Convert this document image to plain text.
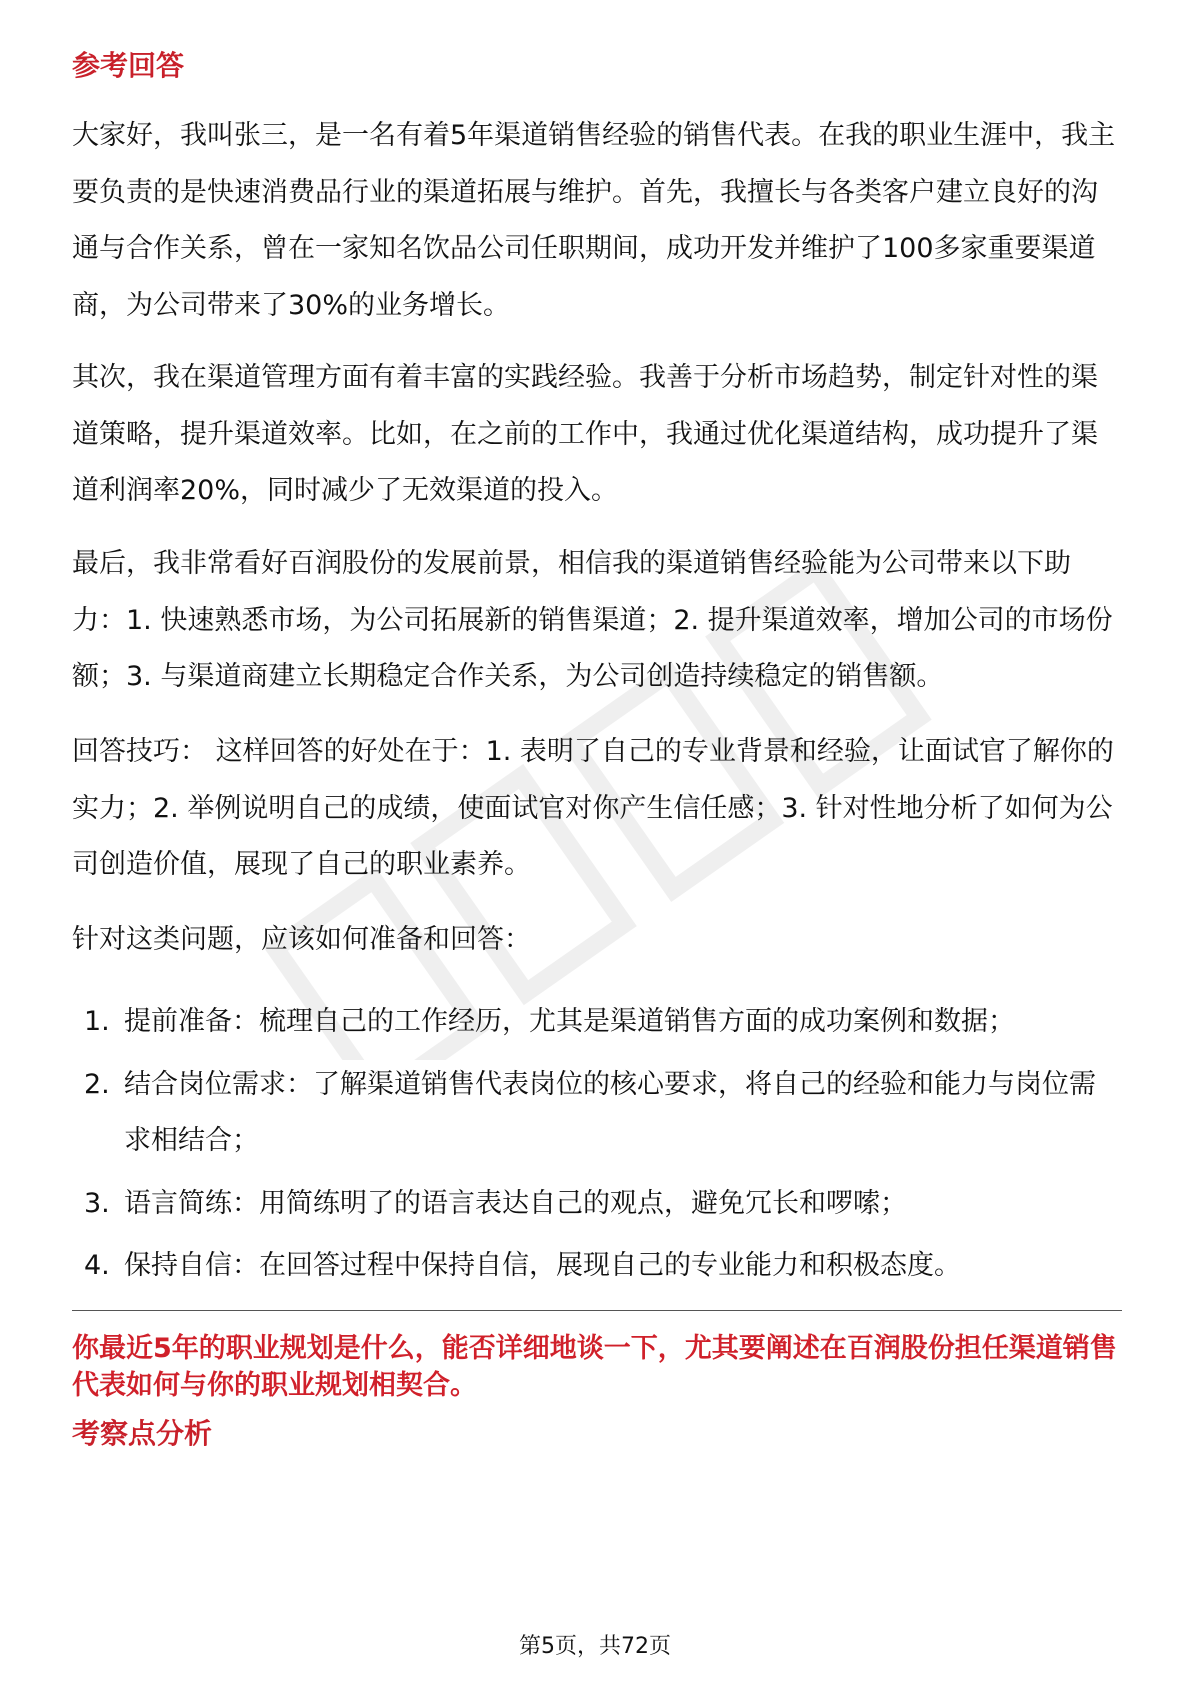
参考回答

大家好，我叫张三，是一名有着5年渠道销售经验的销售代表。在我的职业生涯中，我主要负责的是快速消费品行业的渠道拓展与维护。首先，我擅长与各类客户建立良好的沟通与合作关系，曾在一家知名饮品公司任职期间，成功开发并维护了100多家重要渠道商，为公司带来了30%的业务增长。

其次，我在渠道管理方面有着丰富的实践经验。我善于分析市场趋势，制定针对性的渠道策略，提升渠道效率。比如，在之前的工作中，我通过优化渠道结构，成功提升了渠道利润率20%，同时减少了无效渠道的投入。

最后，我非常看好百润股份的发展前景，相信我的渠道销售经验能为公司带来以下助力：1. 快速熟悉市场，为公司拓展新的销售渠道；2. 提升渠道效率，增加公司的市场份额；3. 与渠道商建立长期稳定合作关系，为公司创造持续稳定的销售额。

回答技巧： 这样回答的好处在于：1. 表明了自己的专业背景和经验，让面试官了解你的实力；2. 举例说明自己的成绩，使面试官对你产生信任感；3. 针对性地分析了如何为公司创造价值，展现了自己的职业素养。

针对这类问题，应该如何准备和回答：

1. 提前准备：梳理自己的工作经历，尤其是渠道销售方面的成功案例和数据；
2. 结合岗位需求：了解渠道销售代表岗位的核心要求，将自己的经验和能力与岗位需求相结合；
3. 语言简练：用简练明了的语言表达自己的观点，避免冗长和啰嗦；
4. 保持自信：在回答过程中保持自信，展现自己的专业能力和积极态度。

你最近5年的职业规划是什么，能否详细地谈一下，尤其要阐述在百润股份担任渠道销售代表如何与你的职业规划相契合。

考察点分析
第5页，共72页
